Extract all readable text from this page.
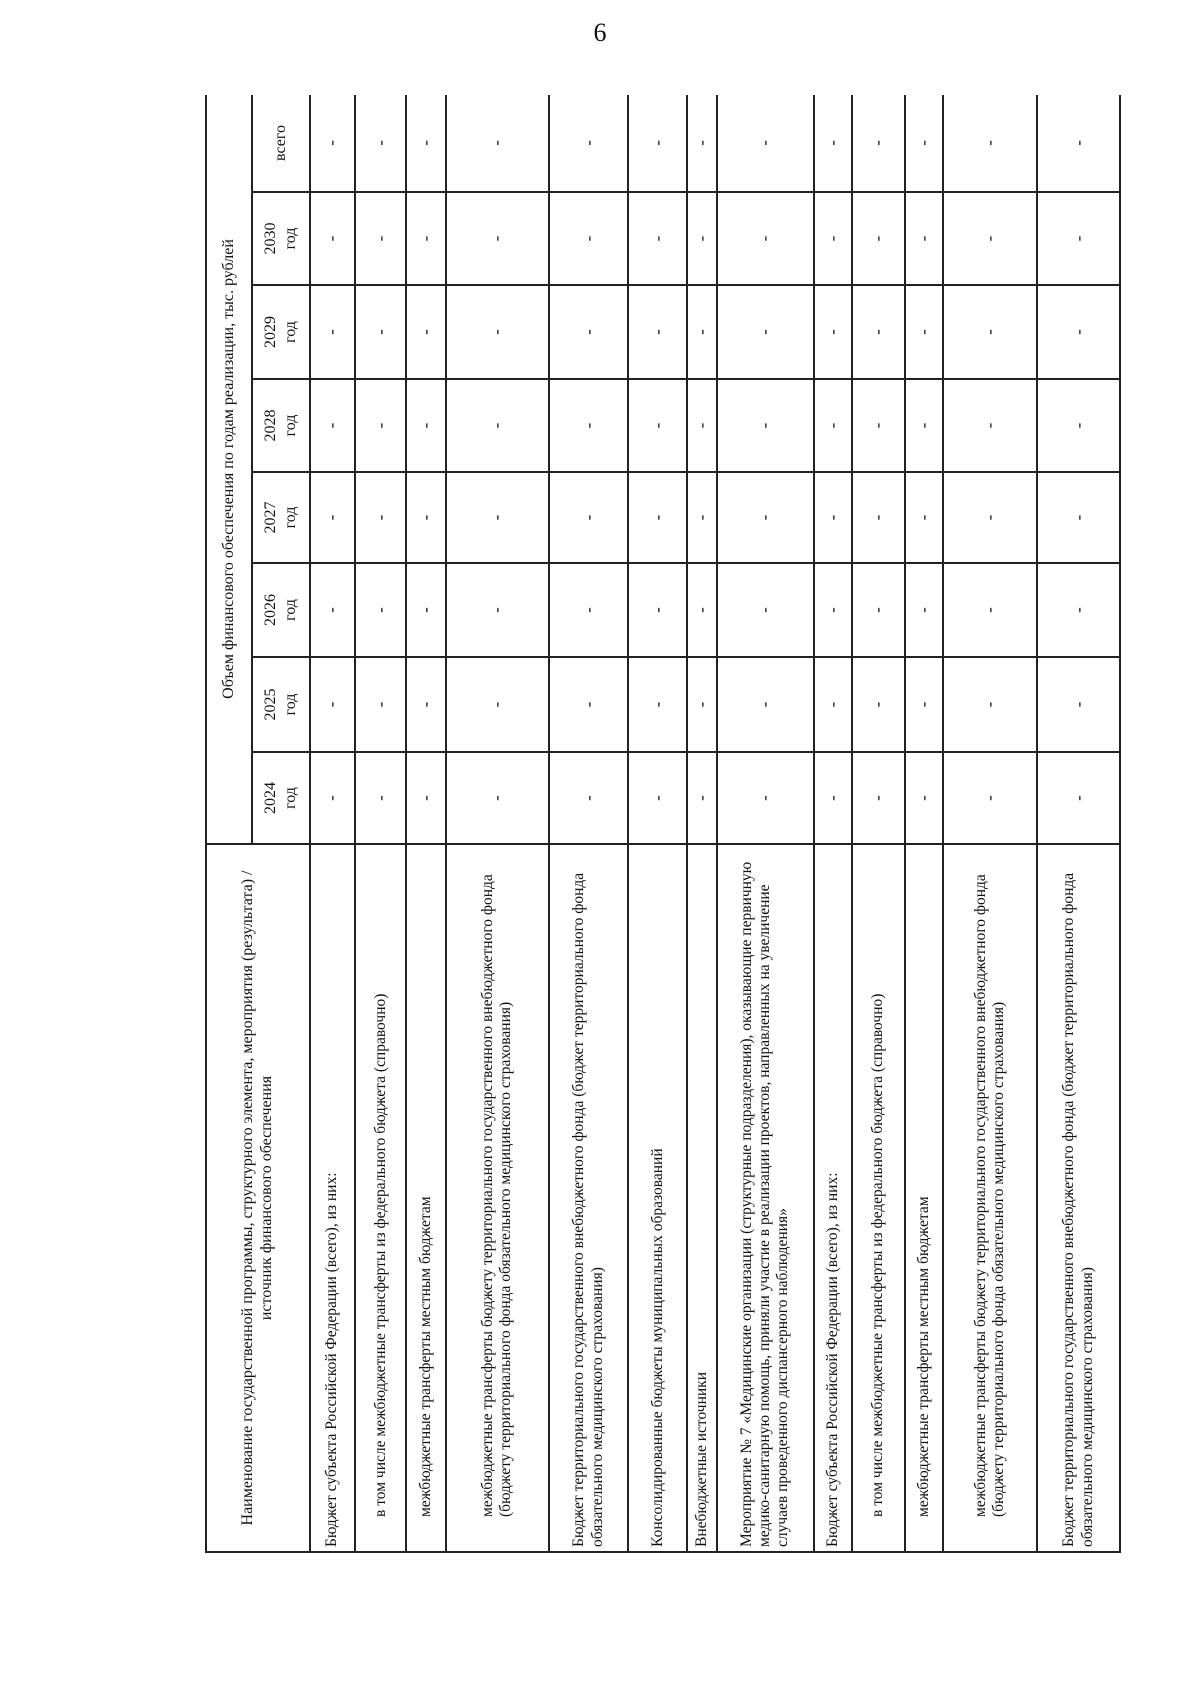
6
Наименование государственной программы, структурного элемента, мероприятия (результата) / источник финансового обеспечения	Объем финансового обеспечения по годам реализации, тыс. рублей							
	2024 год	2025 год	2026 год	2027 год	2028 год	2029 год	2030 год	всего
Бюджет субъекта Российской Федерации (всего), из них:	-	-	-	-	-	-	-	-
в том числе межбюджетные трансферты из федерального бюджета (справочно)	-	-	-	-	-	-	-	-
межбюджетные трансферты местным бюджетам	-	-	-	-	-	-	-	-
межбюджетные трансферты бюджету территориального государственного внебюджетного фонда (бюджету территориального фонда обязательного медицинского страхования)	-	-	-	-	-	-	-	-
Бюджет территориального государственного внебюджетного фонда (бюджет территориального фонда обязательного медицинского страхования)	-	-	-	-	-	-	-	-
Консолидированные бюджеты муниципальных образований	-	-	-	-	-	-	-	-
Внебюджетные источники	-	-	-	-	-	-	-	-
Мероприятие № 7 «Медицинские организации (структурные подразделения), оказывающие первичную медико-санитарную помощь, приняли участие в реализации проектов, направленных на увеличение случаев проведенного диспансерного наблюдения»	-	-	-	-	-	-	-	-
Бюджет субъекта Российской Федерации (всего), из них:	-	-	-	-	-	-	-	-
в том числе межбюджетные трансферты из федерального бюджета (справочно)	-	-	-	-	-	-	-	-
межбюджетные трансферты местным бюджетам	-	-	-	-	-	-	-	-
межбюджетные трансферты бюджету территориального государственного внебюджетного фонда (бюджету территориального фонда обязательного медицинского страхования)	-	-	-	-	-	-	-	-
Бюджет территориального государственного внебюджетного фонда (бюджет территориального фонда обязательного медицинского страхования)	-	-	-	-	-	-	-	-
